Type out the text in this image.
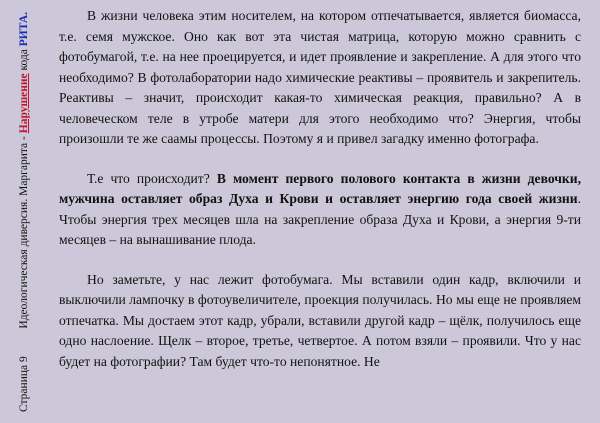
Страница 9
Идеологическая диверсия. Маргарита - Нарушение кода РИТА.	В жизни человека этим носителем, на котором отпечатывается, является биомасса, т.е. семя мужское. Оно как вот эта чистая матрица, которую можно сравнить с фотобумагой, т.е. на нее проецируется, и идет проявление и закрепление. А для этого что необходимо? В фотолаборатории надо химические реактивы – проявитель и закрепитель. Реактивы – значит, происходит какая-то химическая реакция, правильно? А в человеческом теле в утробе матери для этого необходимо что? Энергия, чтобы произошли те же саамы процессы. Поэтому я и привел загадку именно фотографа.

Т.е что происходит? В момент первого полового контакта в жизни девочки, мужчина оставляет образ Духа и Крови и оставляет энергию года своей жизни. Чтобы энергия трех месяцев шла на закрепление образа Духа и Крови, а энергия 9-ти месяцев – на вынашивание плода.

Но заметьте, у нас лежит фотобумага. Мы вставили один кадр, включили и выключили лампочку в фотоувеличителе, проекция получилась. Но мы еще не проявляем отпечатка. Мы достаем этот кадр, убрали, вставили другой кадр – щёлк, получилось еще одно наслоение. Щелк – второе, третье, четвертое. А потом взяли – проявили. Что у нас будет на фотографии? Там будет что-то непонятное. Не
